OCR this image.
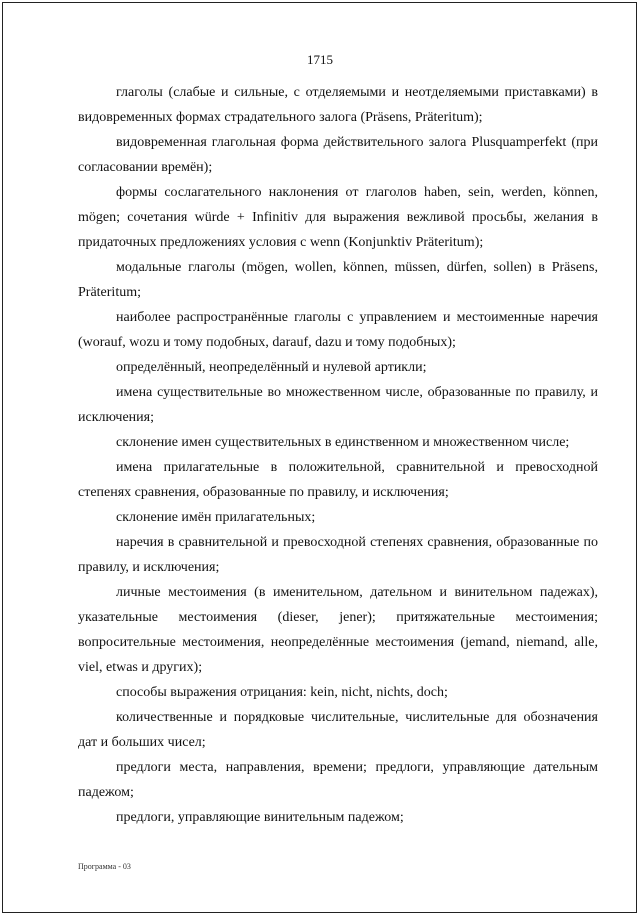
1715

глаголы (слабые и сильные, с отделяемыми и неотделяемыми приставками) в видовременных формах страдательного залога (Präsens, Präteritum);

видовременная глагольная форма действительного залога Plusquamperfekt (при согласовании времён);

формы сослагательного наклонения от глаголов haben, sein, werden, können, mögen; сочетания würde + Infinitiv для выражения вежливой просьбы, желания в придаточных предложениях условия с wenn (Konjunktiv Präteritum);

модальные глаголы (mögen, wollen, können, müssen, dürfen, sollen) в Präsens, Präteritum;

наиболее распространённые глаголы с управлением и местоименные наречия (worauf, wozu и тому подобных, darauf, dazu и тому подобных);

определённый, неопределённый и нулевой артикли;

имена существительные во множественном числе, образованные по правилу, и исключения;

склонение имен существительных в единственном и множественном числе;

имена прилагательные в положительной, сравнительной и превосходной степенях сравнения, образованные по правилу, и исключения;

склонение имён прилагательных;

наречия в сравнительной и превосходной степенях сравнения, образованные по правилу, и исключения;

личные местоимения (в именительном, дательном и винительном падежах), указательные местоимения (dieser, jener); притяжательные местоимения; вопросительные местоимения, неопределённые местоимения (jemand, niemand, alle, viel, etwas и других);

способы выражения отрицания: kein, nicht, nichts, doch;

количественные и порядковые числительные, числительные для обозначения дат и больших чисел;

предлоги места, направления, времени; предлоги, управляющие дательным падежом;

предлоги, управляющие винительным падежом;

Программа - 03
